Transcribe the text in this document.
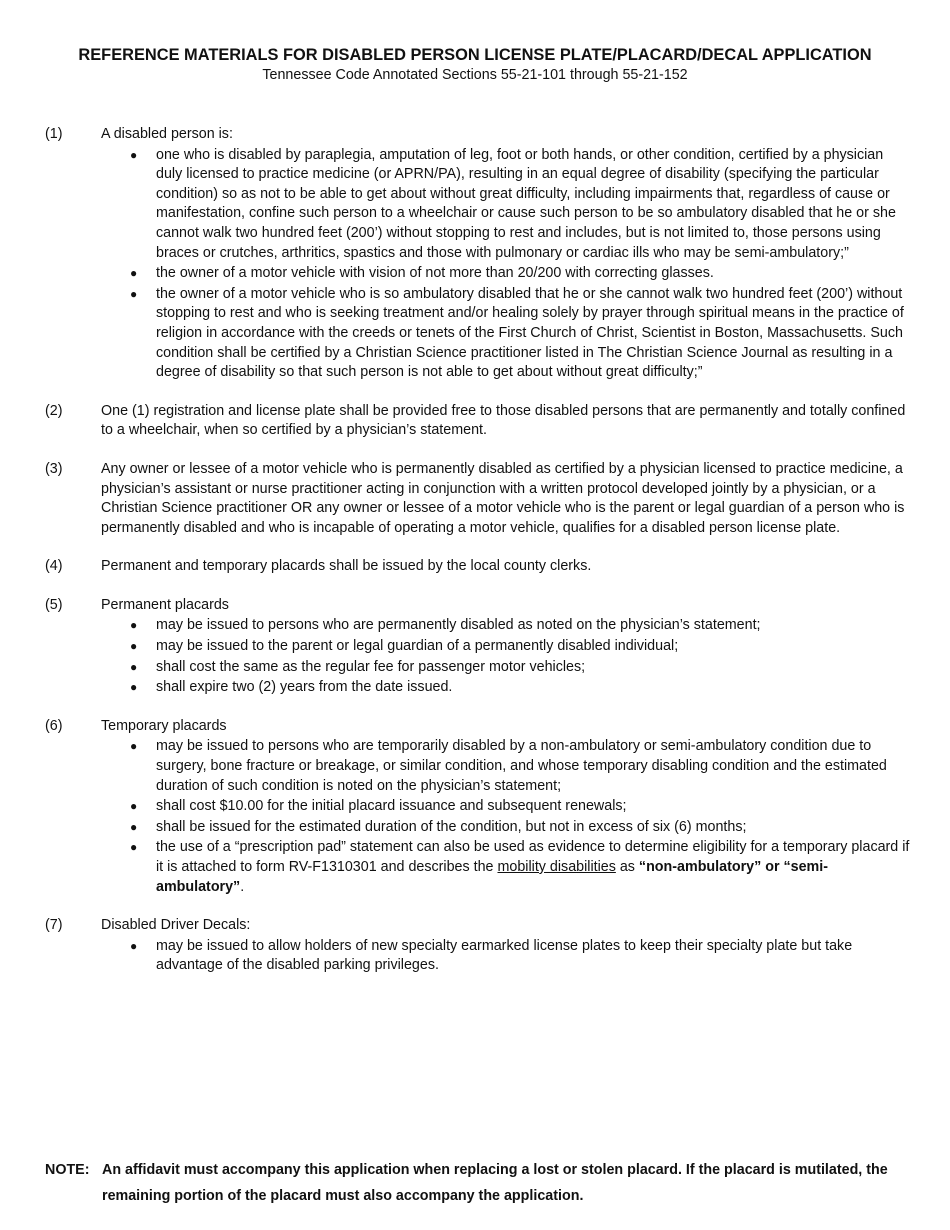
REFERENCE MATERIALS FOR DISABLED PERSON LICENSE PLATE/PLACARD/DECAL APPLICATION
Tennessee Code Annotated Sections 55-21-101 through 55-21-152
(1)	A disabled person is:
● one who is disabled by paraplegia, amputation of leg, foot or both hands, or other condition, certified by a physician duly licensed to practice medicine (or APRN/PA), resulting in an equal degree of disability (specifying the particular condition) so as not to be able to get about without great difficulty, including impairments that, regardless of cause or manifestation, confine such person to a wheelchair or cause such person to be so ambulatory disabled that he or she cannot walk two hundred feet (200’) without stopping to rest and includes, but is not limited to, those persons using braces or crutches, arthritics, spastics and those with pulmonary or cardiac ills who may be semi-ambulatory;”
● the owner of a motor vehicle with vision of not more than 20/200 with correcting glasses.
● the owner of a motor vehicle who is so ambulatory disabled that he or she cannot walk two hundred feet (200’) without stopping to rest and who is seeking treatment and/or healing solely by prayer through spiritual means in the practice of religion in accordance with the creeds or tenets of the First Church of Christ, Scientist in Boston, Massachusetts. Such condition shall be certified by a Christian Science practitioner listed in The Christian Science Journal as resulting in a degree of disability so that such person is not able to get about without great difficulty;”
(2)	One (1) registration and license plate shall be provided free to those disabled persons that are permanently and totally confined to a wheelchair, when so certified by a physician’s statement.
(3)	Any owner or lessee of a motor vehicle who is permanently disabled as certified by a physician licensed to practice medicine, a physician’s assistant or nurse practitioner acting in conjunction with a written protocol developed jointly by a physician, or a Christian Science practitioner OR any owner or lessee of a motor vehicle who is the parent or legal guardian of a person who is permanently disabled and who is incapable of operating a motor vehicle, qualifies for a disabled person license plate.
(4)	Permanent and temporary placards shall be issued by the local county clerks.
(5)	Permanent placards
● may be issued to persons who are permanently disabled as noted on the physician’s statement;
● may be issued to the parent or legal guardian of a permanently disabled individual;
● shall cost the same as the regular fee for passenger motor vehicles;
● shall expire two (2) years from the date issued.
(6)	Temporary placards
● may be issued to persons who are temporarily disabled by a non-ambulatory or semi-ambulatory condition due to surgery, bone fracture or breakage, or similar condition, and whose temporary disabling condition and the estimated duration of such condition is noted on the physician’s statement;
● shall cost $10.00 for the initial placard issuance and subsequent renewals;
● shall be issued for the estimated duration of the condition, but not in excess of six (6) months;
● the use of a “prescription pad” statement can also be used as evidence to determine eligibility for a temporary placard if it is attached to form RV-F1310301 and describes the mobility disabilities as “non-ambulatory” or “semi-ambulatory”.
(7)	Disabled Driver Decals:
● may be issued to allow holders of new specialty earmarked license plates to keep their specialty plate but take advantage of the disabled parking privileges.
NOTE: An affidavit must accompany this application when replacing a lost or stolen placard. If the placard is mutilated, the remaining portion of the placard must also accompany the application.
